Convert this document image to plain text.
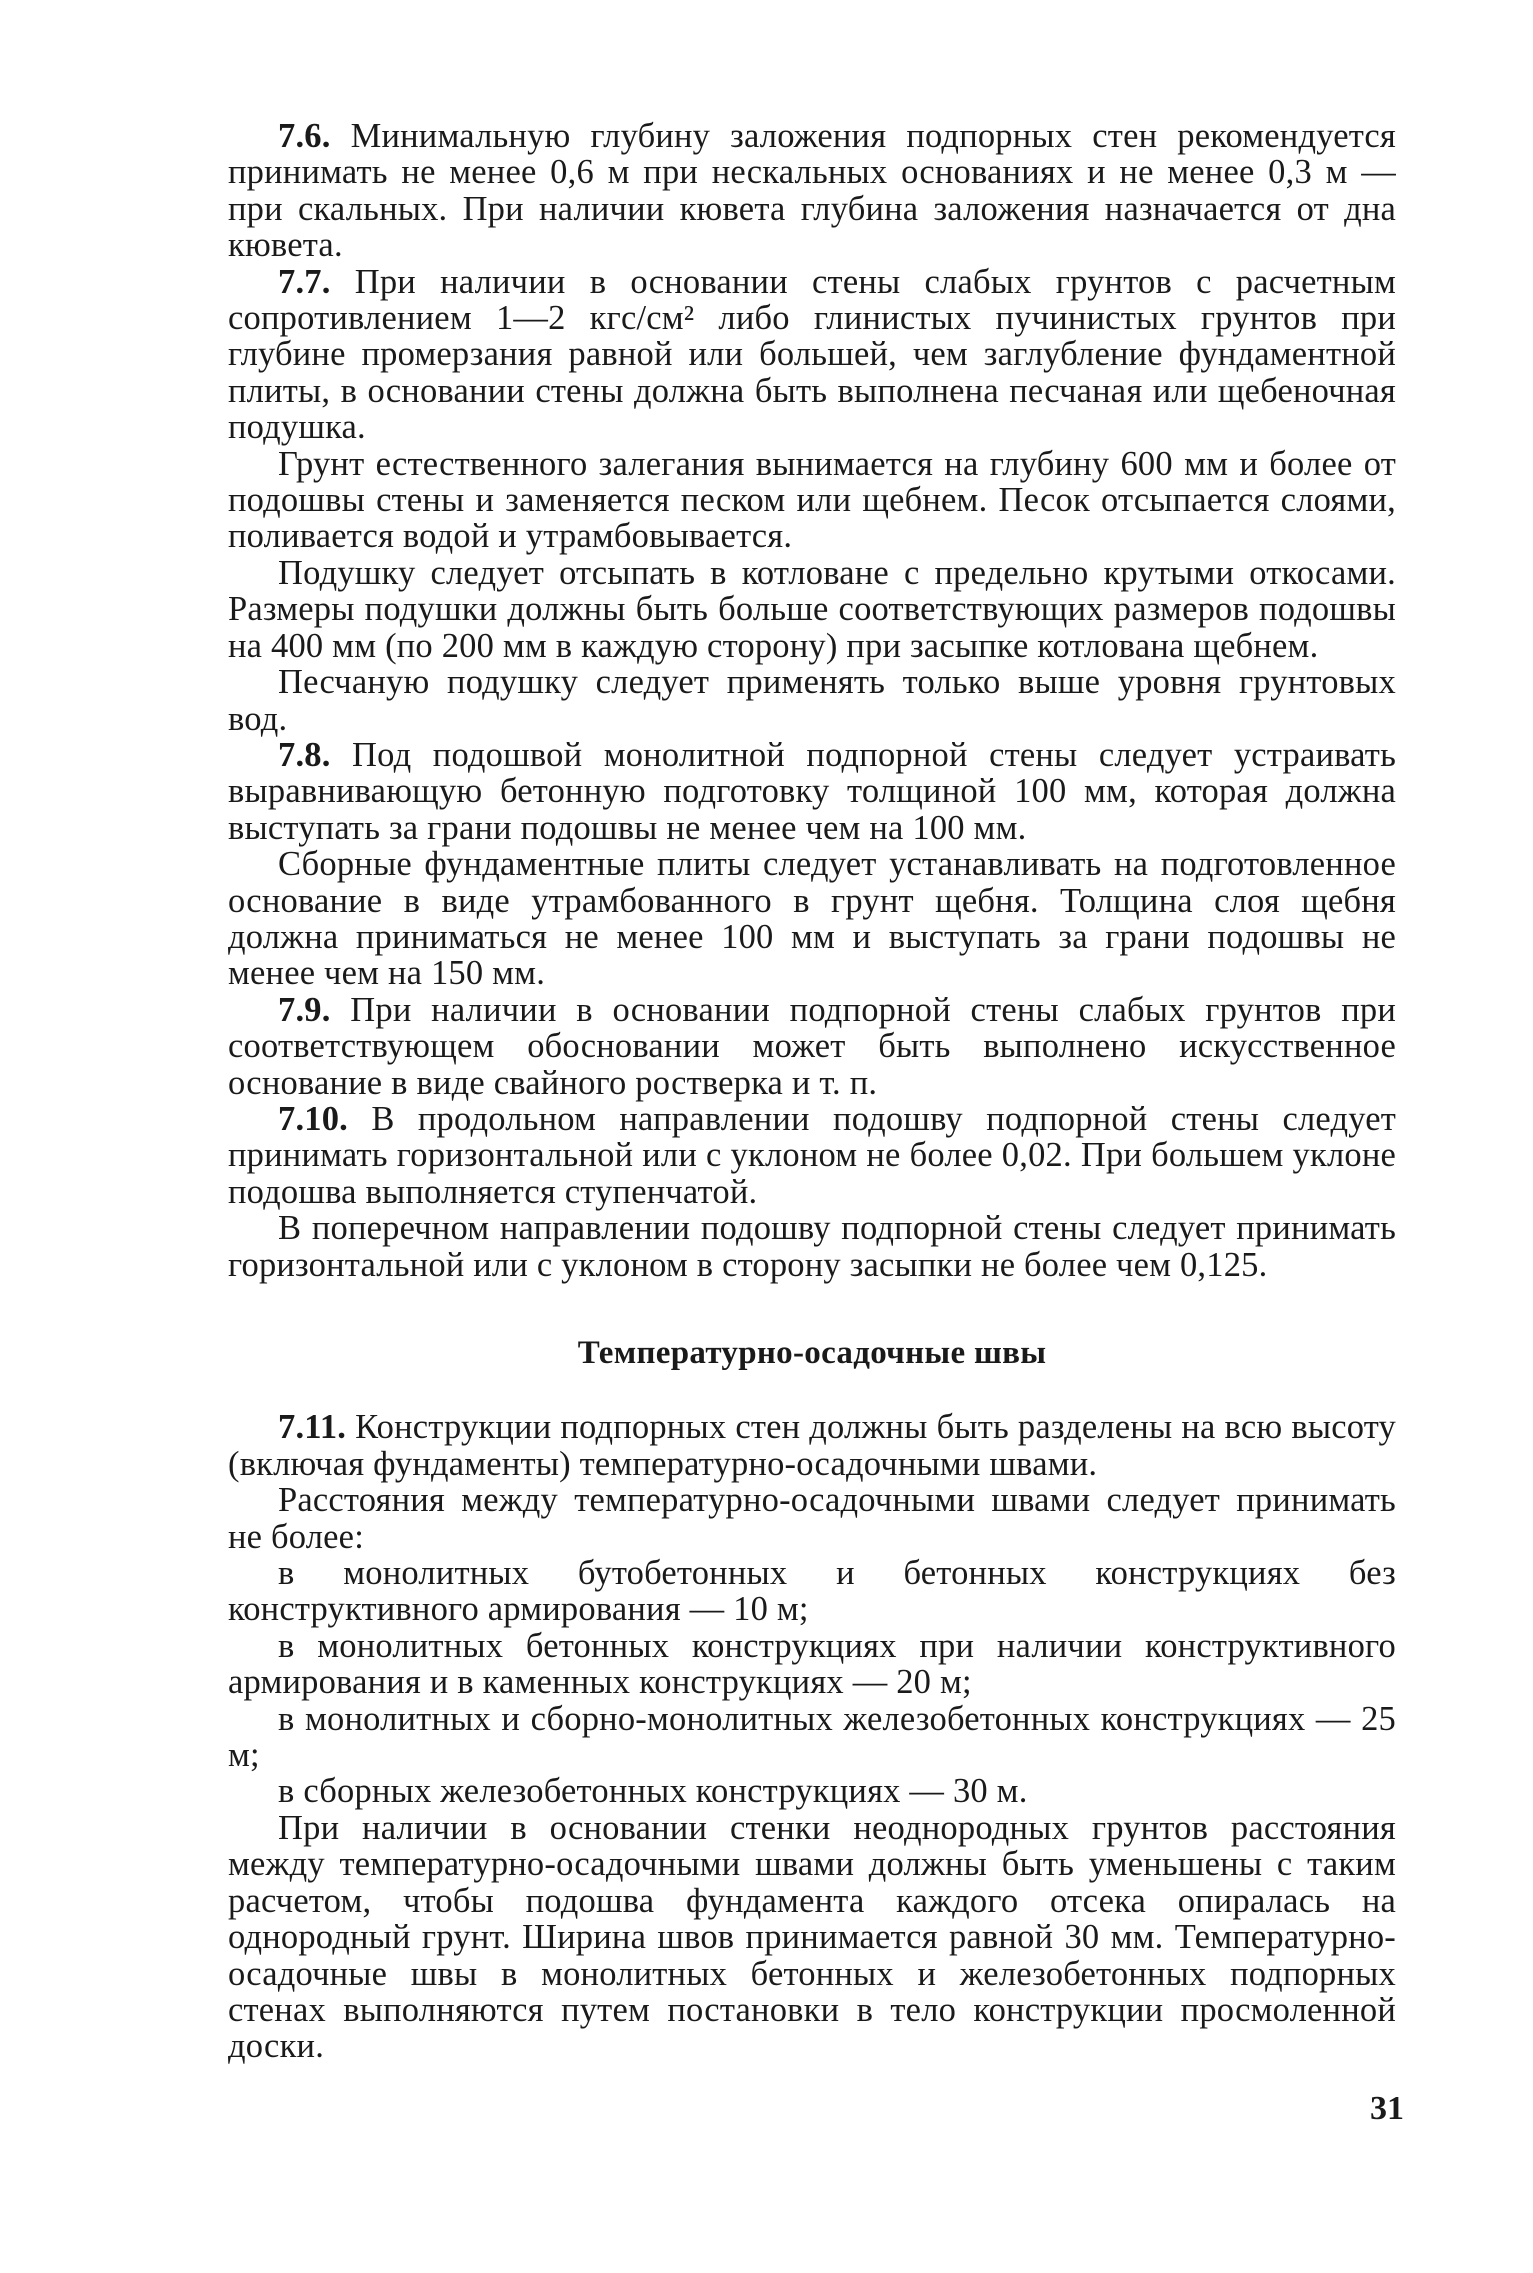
7.6. Минимальную глубину заложения подпорных стен рекомендуется принимать не менее 0,6 м при нескальных основаниях и не менее 0,3 м — при скальных. При наличии кювета глубина заложения назначается от дна кювета.

7.7. При наличии в основании стены слабых грунтов с расчетным сопротивлением 1—2 кгс/см² либо глинистых пучинистых грунтов при глубине промерзания равной или большей, чем заглубление фундаментной плиты, в основании стены должна быть выполнена песчаная или щебеночная подушка.

Грунт естественного залегания вынимается на глубину 600 мм и более от подошвы стены и заменяется песком или щебнем. Песок отсыпается слоями, поливается водой и утрамбовывается.

Подушку следует отсыпать в котловане с предельно крутыми откосами. Размеры подушки должны быть больше соответствующих размеров подошвы на 400 мм (по 200 мм в каждую сторону) при засыпке котлована щебнем.

Песчаную подушку следует применять только выше уровня грунтовых вод.

7.8. Под подошвой монолитной подпорной стены следует устраивать выравнивающую бетонную подготовку толщиной 100 мм, которая должна выступать за грани подошвы не менее чем на 100 мм.

Сборные фундаментные плиты следует устанавливать на подготовленное основание в виде утрамбованного в грунт щебня. Толщина слоя щебня должна приниматься не менее 100 мм и выступать за грани подошвы не менее чем на 150 мм.

7.9. При наличии в основании подпорной стены слабых грунтов при соответствующем обосновании может быть выполнено искусственное основание в виде свайного ростверка и т. п.

7.10. В продольном направлении подошву подпорной стены следует принимать горизонтальной или с уклоном не более 0,02. При большем уклоне подошва выполняется ступенчатой.

В поперечном направлении подошву подпорной стены следует принимать горизонтальной или с уклоном в сторону засыпки не более чем 0,125.

Температурно-осадочные швы

7.11. Конструкции подпорных стен должны быть разделены на всю высоту (включая фундаменты) температурно-осадочными швами.

Расстояния между температурно-осадочными швами следует принимать не более:

в монолитных бутобетонных и бетонных конструкциях без конструктивного армирования — 10 м;

в монолитных бетонных конструкциях при наличии конструктивного армирования и в каменных конструкциях — 20 м;

в монолитных и сборно-монолитных железобетонных конструкциях — 25 м;

в сборных железобетонных конструкциях — 30 м.

При наличии в основании стенки неоднородных грунтов расстояния между температурно-осадочными швами должны быть уменьшены с таким расчетом, чтобы подошва фундамента каждого отсека опиралась на однородный грунт. Ширина швов принимается равной 30 мм. Температурно-осадочные швы в монолитных бетонных и железобетонных подпорных стенах выполняются путем постановки в тело конструкции просмоленной доски.

31
